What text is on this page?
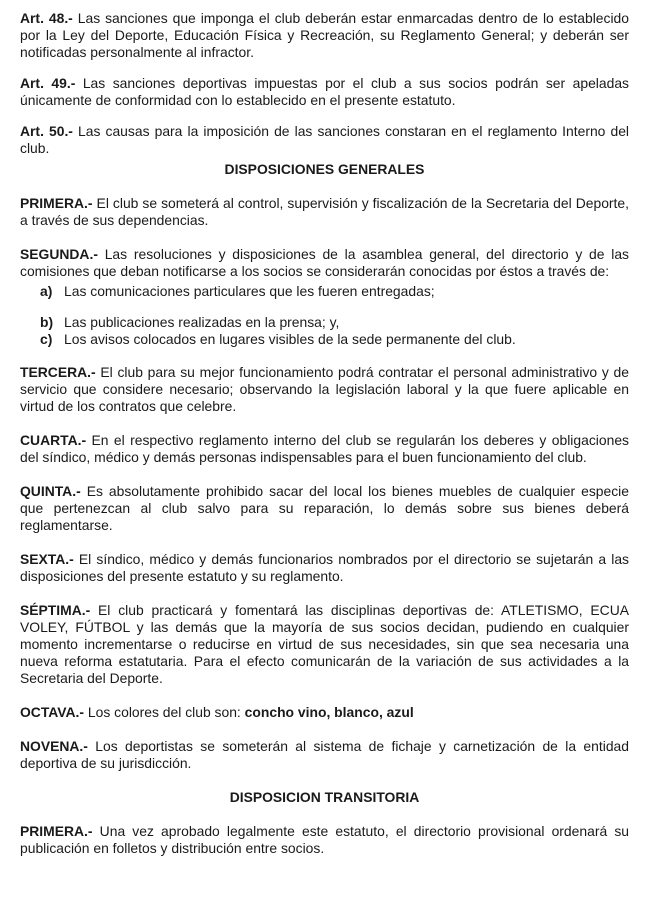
Art. 48.- Las sanciones que imponga el club deberán estar enmarcadas dentro de lo establecido por la Ley del Deporte, Educación Física y Recreación, su Reglamento General; y deberán ser notificadas personalmente al infractor.

Art. 49.- Las sanciones deportivas impuestas por el club a sus socios podrán ser apeladas únicamente de conformidad con lo establecido en el presente estatuto.

Art. 50.- Las causas para la imposición de las sanciones constaran en el reglamento Interno del club.

DISPOSICIONES GENERALES

PRIMERA.- El club se someterá al control, supervisión y fiscalización de la Secretaria del Deporte, a través de sus dependencias.

SEGUNDA.- Las resoluciones y disposiciones de la asamblea general, del directorio y de las comisiones que deban notificarse a los socios se considerarán conocidas por éstos a través de:

a) Las comunicaciones particulares que les fueren entregadas;
b) Las publicaciones realizadas en la prensa; y,
c) Los avisos colocados en lugares visibles de la sede permanente del club.

TERCERA.- El club para su mejor funcionamiento podrá contratar el personal administrativo y de servicio que considere necesario; observando la legislación laboral y la que fuere aplicable en virtud de los contratos que celebre.

CUARTA.- En el respectivo reglamento interno del club se regularán los deberes y obligaciones del síndico, médico y demás personas indispensables para el buen funcionamiento del club.

QUINTA.- Es absolutamente prohibido sacar del local los bienes muebles de cualquier especie que pertenezcan al club salvo para su reparación, lo demás sobre sus bienes deberá reglamentarse.

SEXTA.- El síndico, médico y demás funcionarios nombrados por el directorio se sujetarán a las disposiciones del presente estatuto y su reglamento.

SÉPTIMA.- El club practicará y fomentará las disciplinas deportivas de: ATLETISMO, ECUA VOLEY, FÚTBOL y las demás que la mayoría de sus socios decidan, pudiendo en cualquier momento incrementarse o reducirse en virtud de sus necesidades, sin que sea necesaria una nueva reforma estatutaria. Para el efecto comunicarán de la variación de sus actividades a la Secretaria del Deporte.

OCTAVA.- Los colores del club son: concho vino, blanco, azul

NOVENA.- Los deportistas se someterán al sistema de fichaje y carnetización de la entidad deportiva de su jurisdicción.

DISPOSICION TRANSITORIA

PRIMERA.- Una vez aprobado legalmente este estatuto, el directorio provisional ordenará su publicación en folletos y distribución entre socios.
